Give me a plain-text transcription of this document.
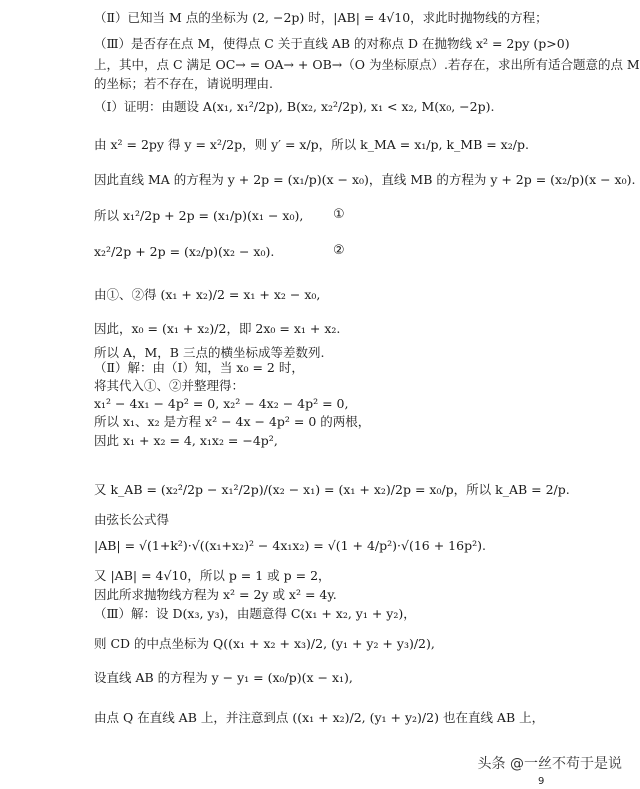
（Ⅱ）已知当 M 点的坐标为 (2, −2p) 时，|AB| = 4√10，求此时抛物线的方程；
（Ⅲ）是否存在点 M，使得点 C 关于直线 AB 的对称点 D 在抛物线 x² = 2py (p>0)
上，其中，点 C 满足 OC→ = OA→ + OB→（O 为坐标原点）.若存在，求出所有适合题意的点 M
的坐标；若不存在，请说明理由.
（Ⅰ）证明：由题设 A(x₁, x₁²/2p), B(x₂, x₂²/2p), x₁ < x₂, M(x₀, −2p).
由 x² = 2py 得 y = x²/2p，则 y′ = x/p，所以 k_MA = x₁/p, k_MB = x₂/p.
因此直线 MA 的方程为 y + 2p = (x₁/p)(x − x₀)，直线 MB 的方程为 y + 2p = (x₂/p)(x − x₀).
所以 x₁²/2p + 2p = (x₁/p)(x₁ − x₀),	①
x₂²/2p + 2p = (x₂/p)(x₂ − x₀).	②
由①、②得 (x₁ + x₂)/2 = x₁ + x₂ − x₀,
因此，x₀ = (x₁ + x₂)/2，即 2x₀ = x₁ + x₂.
所以 A，M，B 三点的横坐标成等差数列.
（Ⅱ）解：由（Ⅰ）知，当 x₀ = 2 时，
将其代入①、②并整理得：
x₁² − 4x₁ − 4p² = 0, x₂² − 4x₂ − 4p² = 0,
所以 x₁、x₂ 是方程 x² − 4x − 4p² = 0 的两根，
因此 x₁ + x₂ = 4, x₁x₂ = −4p²,
又 k_AB = (x₂²/2p − x₁²/2p)/(x₂ − x₁) = (x₁ + x₂)/2p = x₀/p，所以 k_AB = 2/p.
由弦长公式得
|AB| = √(1+k²)·√((x₁+x₂)² − 4x₁x₂) = √(1 + 4/p²)·√(16 + 16p²).
又 |AB| = 4√10，所以 p = 1 或 p = 2，
因此所求抛物线方程为 x² = 2y 或 x² = 4y.
（Ⅲ）解：设 D(x₃, y₃)，由题意得 C(x₁ + x₂, y₁ + y₂)，
则 CD 的中点坐标为 Q((x₁ + x₂ + x₃)/2, (y₁ + y₂ + y₃)/2),
设直线 AB 的方程为 y − y₁ = (x₀/p)(x − x₁),
由点 Q 在直线 AB 上，并注意到点 ((x₁ + x₂)/2, (y₁ + y₂)/2) 也在直线 AB 上，
头条 @一丝不苟于是说
9
